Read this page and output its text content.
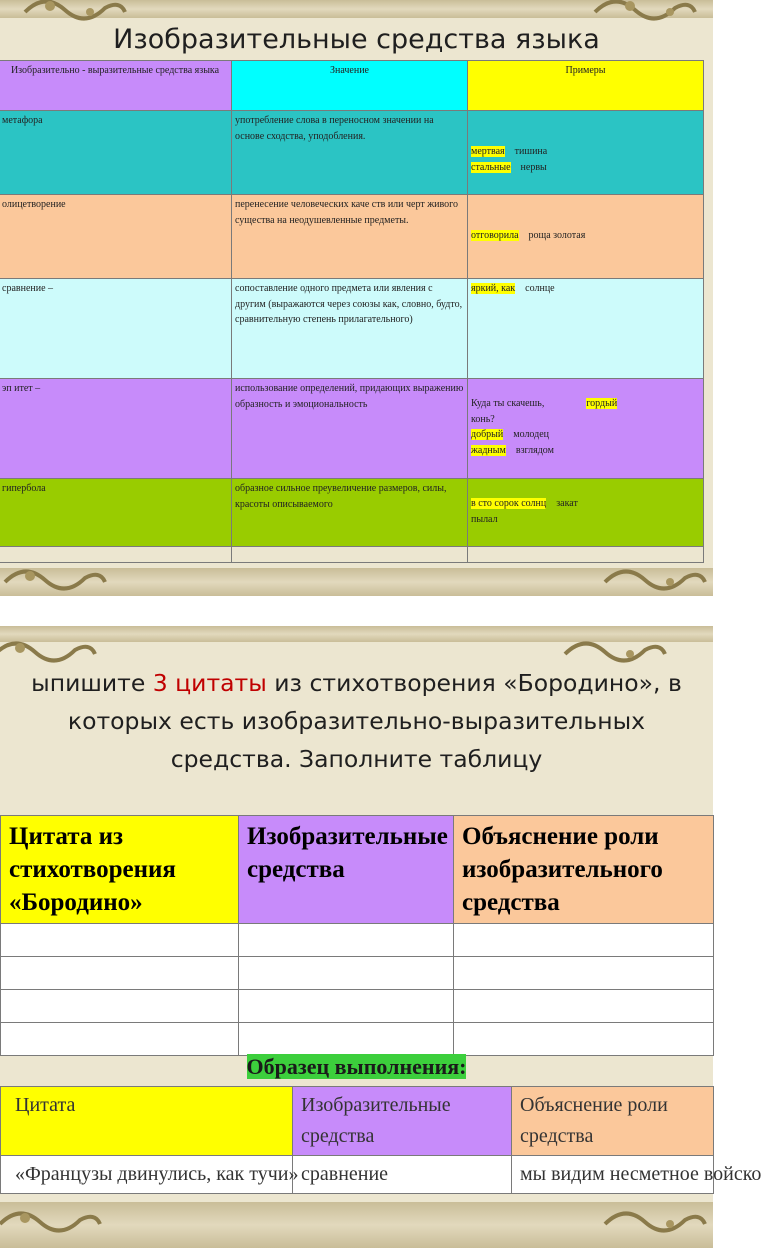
Изобразительные средства языка
Изобразительно - выразительные средства языка	Значение	Примеры
метафора	употребление слова в переносном значении на основе сходства, уподобления.	мертвая тишина
стальные нервы

олицетворение	перенесение человеческих каче ств или черт живого существа на неодушевленные предметы.	отговорила роща золотая

сравнение –	сопоставление одного предмета или явления с другим (выражаются через союзы как, словно, будто, сравнительную степень прилагательного)	яркий, как солнце
эп итет –	использование определений, придающих выражению образность и эмоциональность	Куда ты скачешь, гордый
конь?
добрый молодец
жадным взглядом

гипербола	образное сильное преувеличение размеров, силы, красоты описываемого	в сто сорок солнц закат
пылал

ыпишите 3 цитаты из стихотворения «Бородино», в
которых есть изобразительно-выразительных
средства. Заполните таблицу
Цитата из стихотворения «Бородино»	Изобразительные средства	Объяснение роли изобразительного средства

Образец выполнения:
Цитата	Изобразительные средства	Объяснение роли средства
«Французы двинулись, как тучи»	сравнение	мы видим несметное войско
